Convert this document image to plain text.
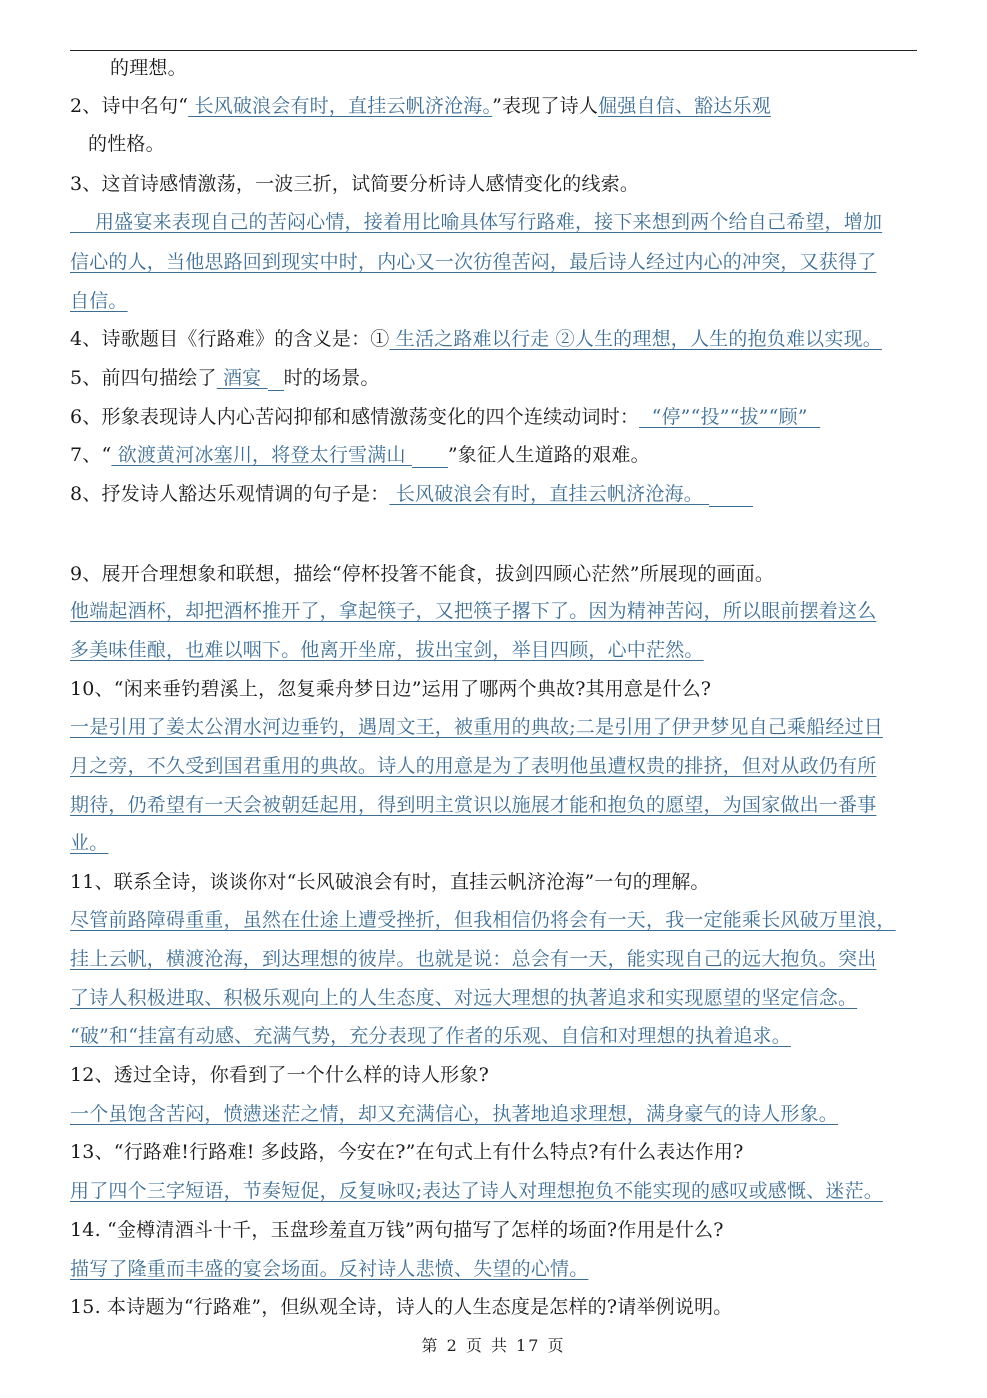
的理想。
2、诗中名句“ 长风破浪会有时，直挂云帆济沧海。”表现了诗人倔强自信、豁达乐观
的性格。
3、这首诗感情激荡，一波三折，试简要分析诗人感情变化的线索。
用盛宴来表现自己的苦闷心情，接着用比喻具体写行路难，接下来想到两个给自己希望，增加
信心的人，当他思路回到现实中时，内心又一次彷徨苦闷，最后诗人经过内心的冲突，又获得了
自信。
4、诗歌题目《行路难》的含义是：① 生活之路难以行走 ②人生的理想，人生的抱负难以实现。
5、前四句描绘了 酒宴 时的场景。
6、形象表现诗人内心苦闷抑郁和感情激荡变化的四个连续动词时：  “停”“投”“拔”“顾”
7、“ 欲渡黄河冰塞川，将登太行雪满山 ”象征人生道路的艰难。
8、抒发诗人豁达乐观情调的句子是： 长风破浪会有时，直挂云帆济沧海。
9、展开合理想象和联想，描绘“停杯投箸不能食，拔剑四顾心茫然”所展现的画面。
他端起酒杯，却把酒杯推开了，拿起筷子，又把筷子撂下了。因为精神苦闷，所以眼前摆着这么
多美味佳酿，也难以咽下。他离开坐席，拔出宝剑，举目四顾，心中茫然。
10、“闲来垂钓碧溪上，忽复乘舟梦日边”运用了哪两个典故?其用意是什么?
一是引用了姜太公渭水河边垂钓，遇周文王，被重用的典故;二是引用了伊尹梦见自己乘船经过日
月之旁，不久受到国君重用的典故。诗人的用意是为了表明他虽遭权贵的排挤，但对从政仍有所
期待，仍希望有一天会被朝廷起用，得到明主赏识以施展才能和抱负的愿望，为国家做出一番事
业。
11、联系全诗，谈谈你对“长风破浪会有时，直挂云帆济沧海”一句的理解。
尽管前路障碍重重，虽然在仕途上遭受挫折，但我相信仍将会有一天，我一定能乘长风破万里浪，
挂上云帆，横渡沧海，到达理想的彼岸。也就是说：总会有一天，能实现自己的远大抱负。突出
了诗人积极进取、积极乐观向上的人生态度、对远大理想的执著追求和实现愿望的坚定信念。
“破”和“挂富有动感、充满气势，充分表现了作者的乐观、自信和对理想的执着追求。
12、透过全诗，你看到了一个什么样的诗人形象?
一个虽饱含苦闷，愤懑迷茫之情，却又充满信心，执著地追求理想，满身豪气的诗人形象。
13、“行路难!行路难! 多歧路，今安在?”在句式上有什么特点?有什么表达作用?
用了四个三字短语，节奏短促，反复咏叹;表达了诗人对理想抱负不能实现的感叹或感慨、迷茫。
14. “金樽清酒斗十千，玉盘珍羞直万钱”两句描写了怎样的场面?作用是什么?
描写了隆重而丰盛的宴会场面。反衬诗人悲愤、失望的心情。
15. 本诗题为“行路难”，但纵观全诗，诗人的人生态度是怎样的?请举例说明。
第 2 页 共 17 页
